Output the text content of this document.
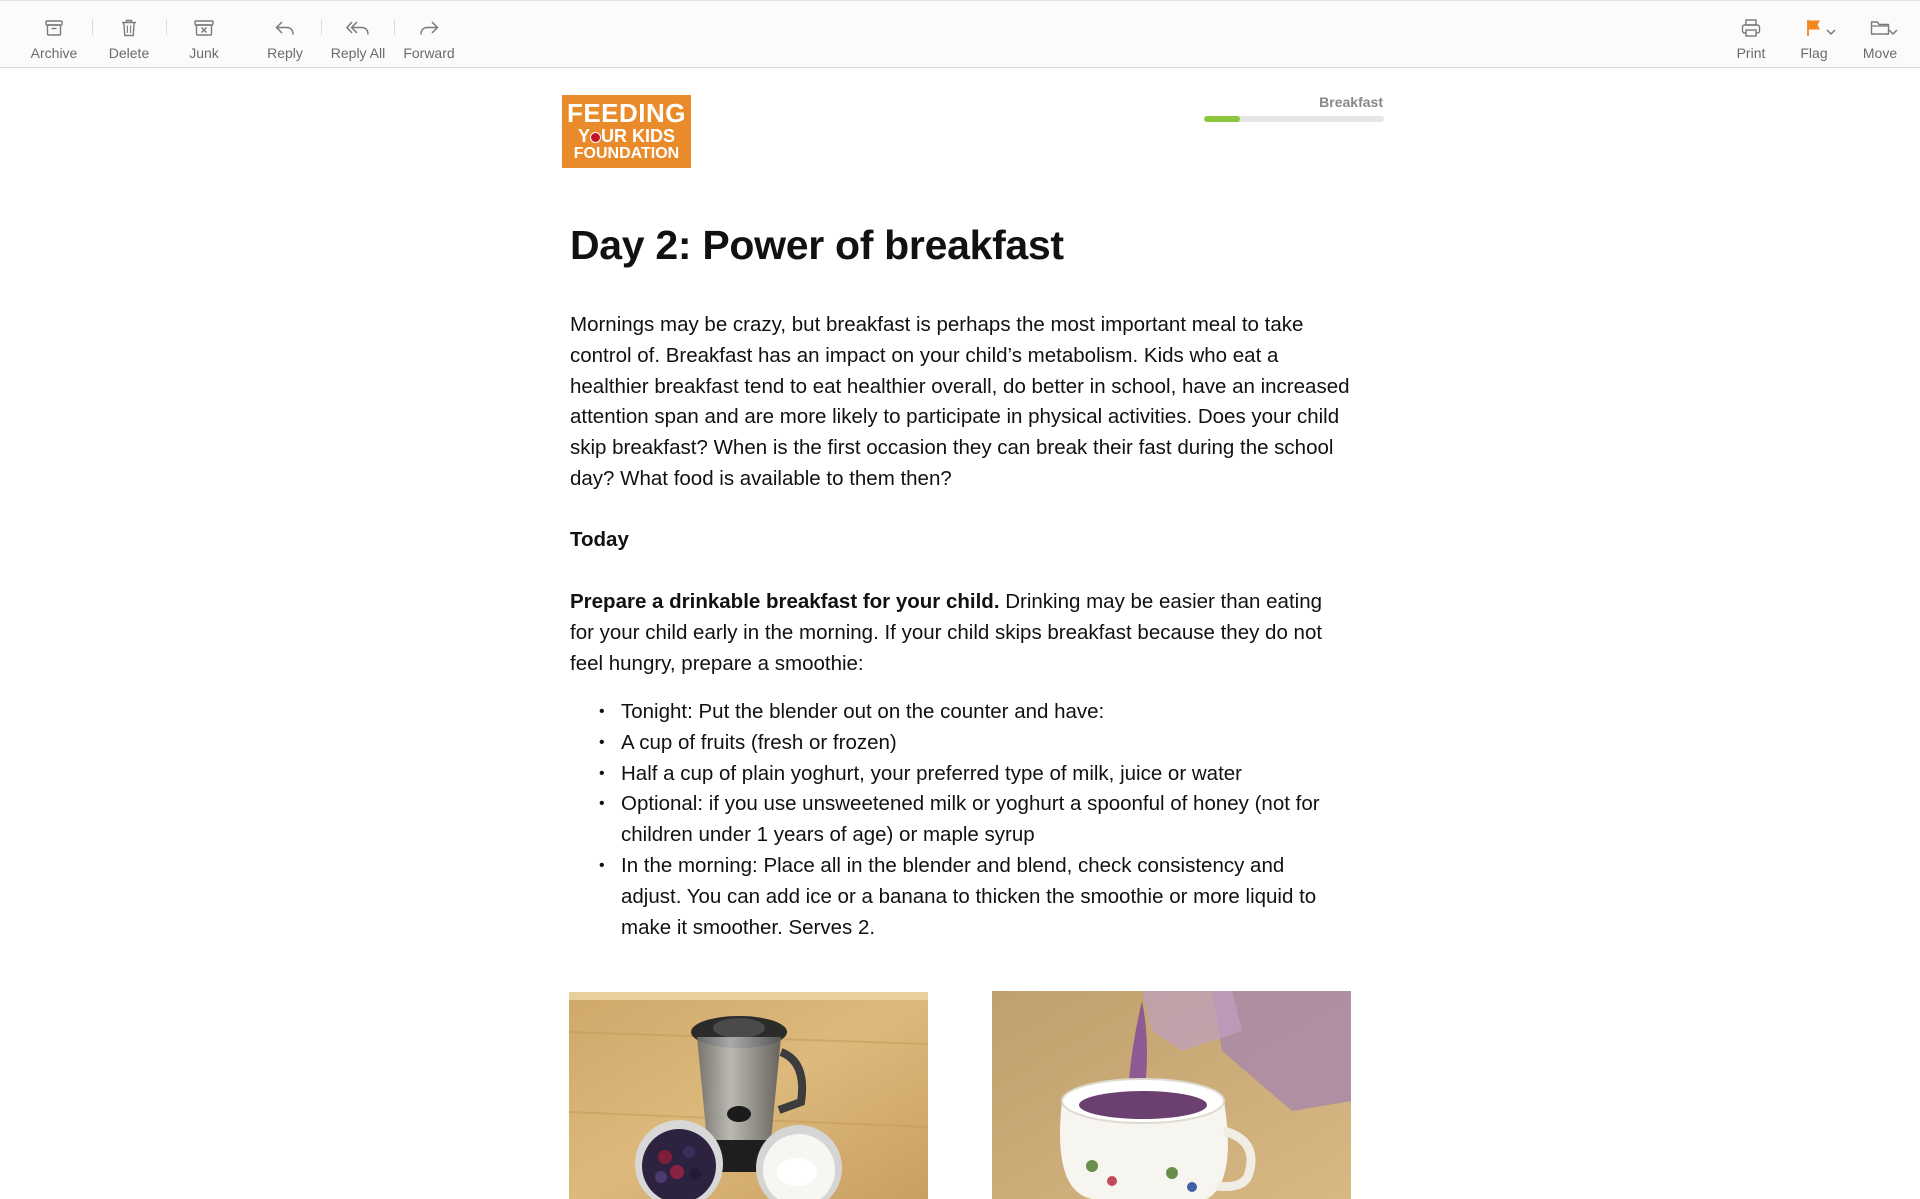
Archive Delete	Junk	Reply Reply All Forward	Print Flag	Move
FEEDING
Y UR KIDS
FOUNDATION
Breakfast
Day 2: Power of breakfast
Mornings may be crazy, but breakfast is perhaps the most important meal to take control of. Breakfast has an impact on your child’s metabolism. Kids who eat a healthier breakfast tend to eat healthier overall, do better in school, have an increased attention span and are more likely to participate in physical activities. Does your child skip breakfast? When is the first occasion they can break their fast during the school day? What food is available to them then?
Today
Prepare a drinkable breakfast for your child. Drinking may be easier than eating for your child early in the morning. If your child skips breakfast because they do not feel hungry, prepare a smoothie:
• Tonight: Put the blender out on the counter and have:
• A cup of fruits (fresh or frozen)
• Half a cup of plain yoghurt, your preferred type of milk, juice or water
• Optional: if you use unsweetened milk or yoghurt a spoonful of honey (not for children under 1 years of age) or maple syrup
• In the morning: Place all in the blender and blend, check consistency and adjust. You can add ice or a banana to thicken the smoothie or more liquid to make it smoother. Serves 2.
